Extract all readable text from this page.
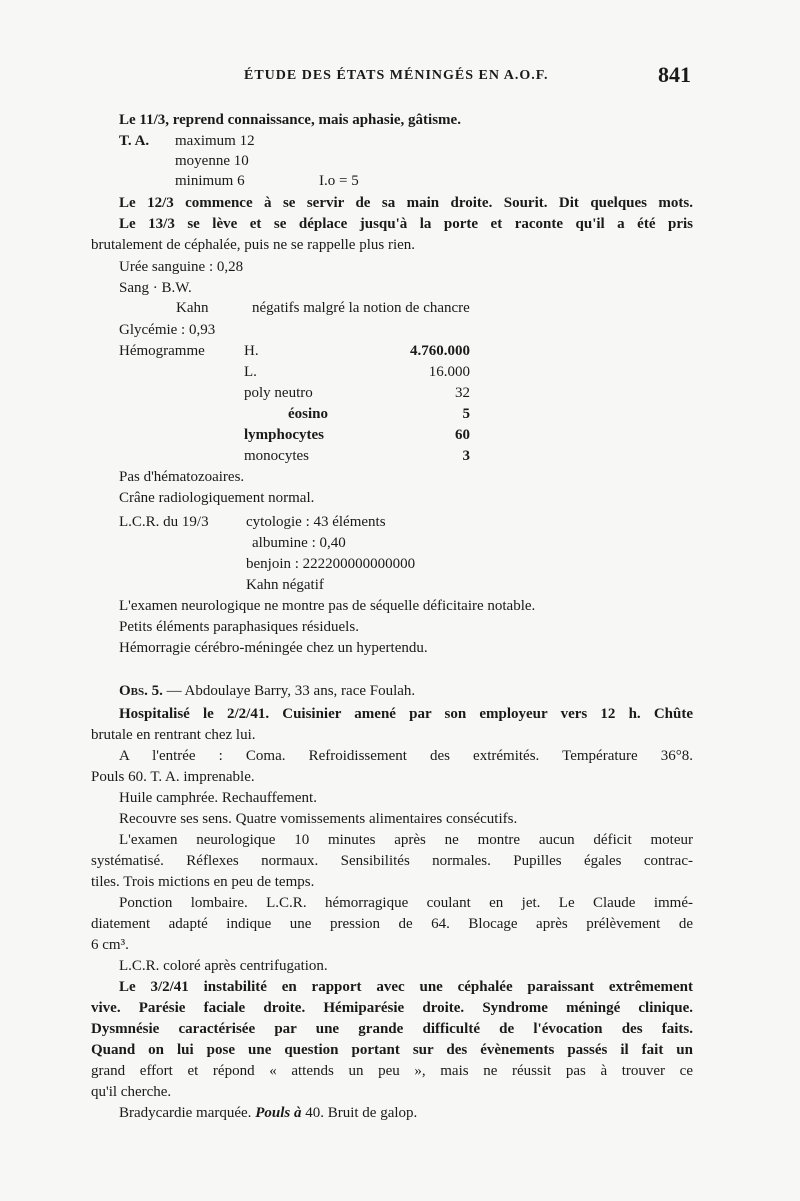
ÉTUDE DES ÉTATS MÉNINGÉS EN A.O.F.	841
Le 11/3, reprend connaissance, mais aphasie, gâtisme.
T. A. maximum 12
moyenne 10
minimum 6	I.o = 5
Le 12/3 commence à se servir de sa main droite. Sourit. Dit quelques mots.
Le 13/3 se lève et se déplace jusqu'à la porte et raconte qu'il a été pris
brutalement de céphalée, puis ne se rappelle plus rien.
Urée sanguine : 0,28
Sang · B.W.
Kahn	négatifs malgré la notion de chancre
Glycémie : 0,93
Hémogramme	H.	4.760.000
L.	16.000
poly neutro	32
éosino	5
lymphocytes	60
monocytes	3
Pas d'hématozoaires.
Crâne radiologiquement normal.
L.C.R. du 19/3 cytologie : 43 éléments
albumine : 0,40
benjoin : 222200000000000
Kahn négatif
L'examen neurologique ne montre pas de séquelle déficitaire notable.
Petits éléments paraphasiques résiduels.
Hémorragie cérébro-méningée chez un hypertendu.
Obs. 5. — Abdoulaye Barry, 33 ans, race Foulah.
Hospitalisé le 2/2/41. Cuisinier amené par son employeur vers 12 h. Chûte
brutale en rentrant chez lui.
A l'entrée : Coma. Refroidissement des extrémités. Température 36°8.
Pouls 60. T. A. imprenable.
Huile camphrée. Rechauffement.
Recouvre ses sens. Quatre vomissements alimentaires consécutifs.
L'examen neurologique 10 minutes après ne montre aucun déficit moteur
systématisé. Réflexes normaux. Sensibilités normales. Pupilles égales contrac-
tiles. Trois mictions en peu de temps.
Ponction lombaire. L.C.R. hémorragique coulant en jet. Le Claude immé-
diatement adapté indique une pression de 64. Blocage après prélèvement de
6 cm³.
L.C.R. coloré après centrifugation.
Le 3/2/41 instabilité en rapport avec une céphalée paraissant extrêmement
vive. Parésie faciale droite. Hémiparésie droite. Syndrome méningé clinique.
Dysmnésie caractérisée par une grande difficulté de l'évocation des faits.
Quand on lui pose une question portant sur des évènements passés il fait un
grand effort et répond « attends un peu », mais ne réussit pas à trouver ce
qu'il cherche.
Bradycardie marquée. Pouls à 40. Bruit de galop.
